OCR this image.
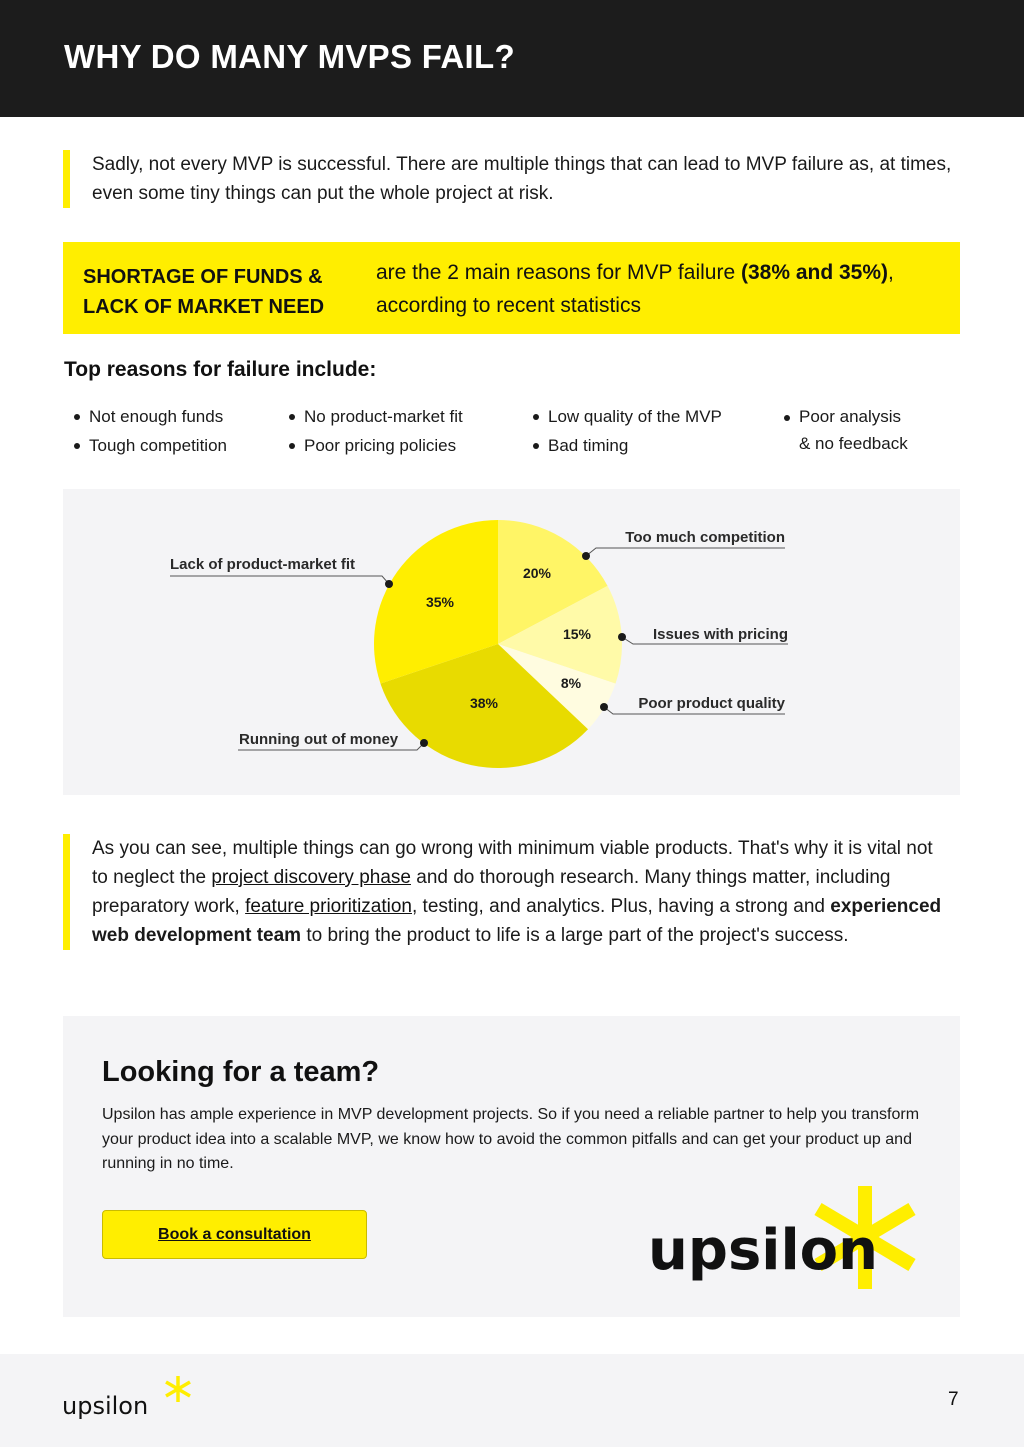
WHY DO MANY MVPS FAIL?
Sadly, not every MVP is successful. There are multiple things that can lead to MVP failure as, at times, even some tiny things can put the whole project at risk.
SHORTAGE OF FUNDS & LACK OF MARKET NEED
are the 2 main reasons for MVP failure (38% and 35%), according to recent statistics
Top reasons for failure include:
Not enough funds
Tough competition
No product-market fit
Poor pricing policies
Low quality of the MVP
Bad timing
Poor analysis
& no feedback
20%
Too much competition
15%	Issues with pricing
8%
Poor product quality
38%
Running out of money
35%
Lack of product-market fit
As you can see, multiple things can go wrong with minimum viable products. That's why it is vital not to neglect the project discovery phase and do thorough research. Many things matter, including preparatory work, feature prioritization, testing, and analytics. Plus, having a strong and experienced web development team to bring the product to life is a large part of the project's success.
Looking for a team?

Upsilon has ample experience in MVP development projects. So if you need a reliable partner to help you transform your product idea into a scalable MVP, we know how to avoid the common pitfalls and can get your product up and running in no time.

Book a consultation	upsilon
upsilon	7
